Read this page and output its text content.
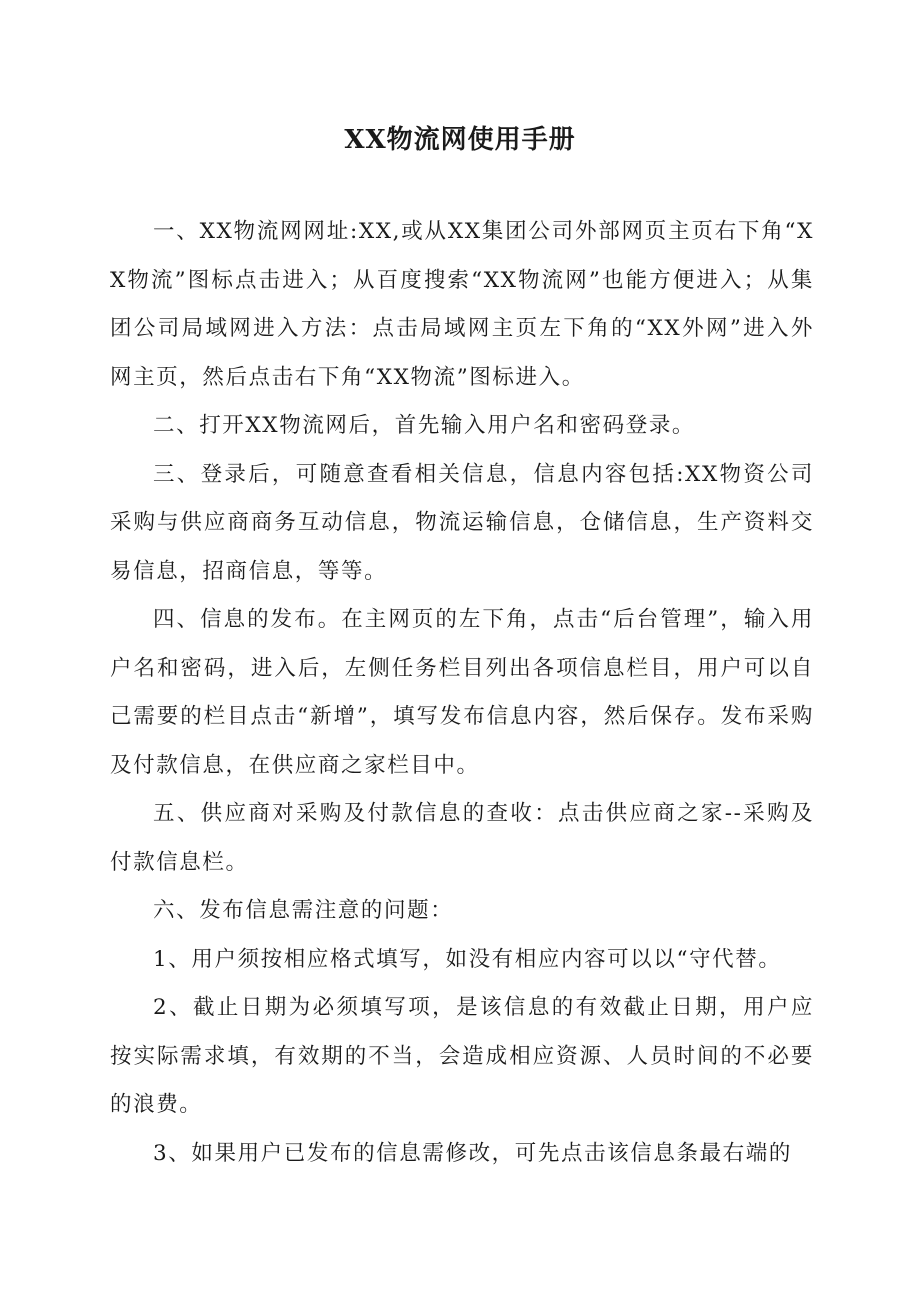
XX物流网使用手册

一、XX物流网网址:XX,或从XX集团公司外部网页主页右下角“XX物流”图标点击进入；从百度搜索“XX物流网”也能方便进入；从集团公司局域网进入方法：点击局域网主页左下角的“XX外网”进入外网主页，然后点击右下角“XX物流”图标进入。

二、打开XX物流网后，首先输入用户名和密码登录。

三、登录后，可随意查看相关信息，信息内容包括:XX物资公司采购与供应商商务互动信息，物流运输信息，仓储信息，生产资料交易信息，招商信息，等等。

四、信息的发布。在主网页的左下角，点击“后台管理”，输入用户名和密码，进入后，左侧任务栏目列出各项信息栏目，用户可以自己需要的栏目点击“新增”，填写发布信息内容，然后保存。发布采购及付款信息，在供应商之家栏目中。

五、供应商对采购及付款信息的查收：点击供应商之家--采购及付款信息栏。

六、发布信息需注意的问题：

1、用户须按相应格式填写，如没有相应内容可以以“守代替。

2、截止日期为必须填写项，是该信息的有效截止日期，用户应按实际需求填，有效期的不当，会造成相应资源、人员时间的不必要的浪费。

3、如果用户已发布的信息需修改，可先点击该信息条最右端的
